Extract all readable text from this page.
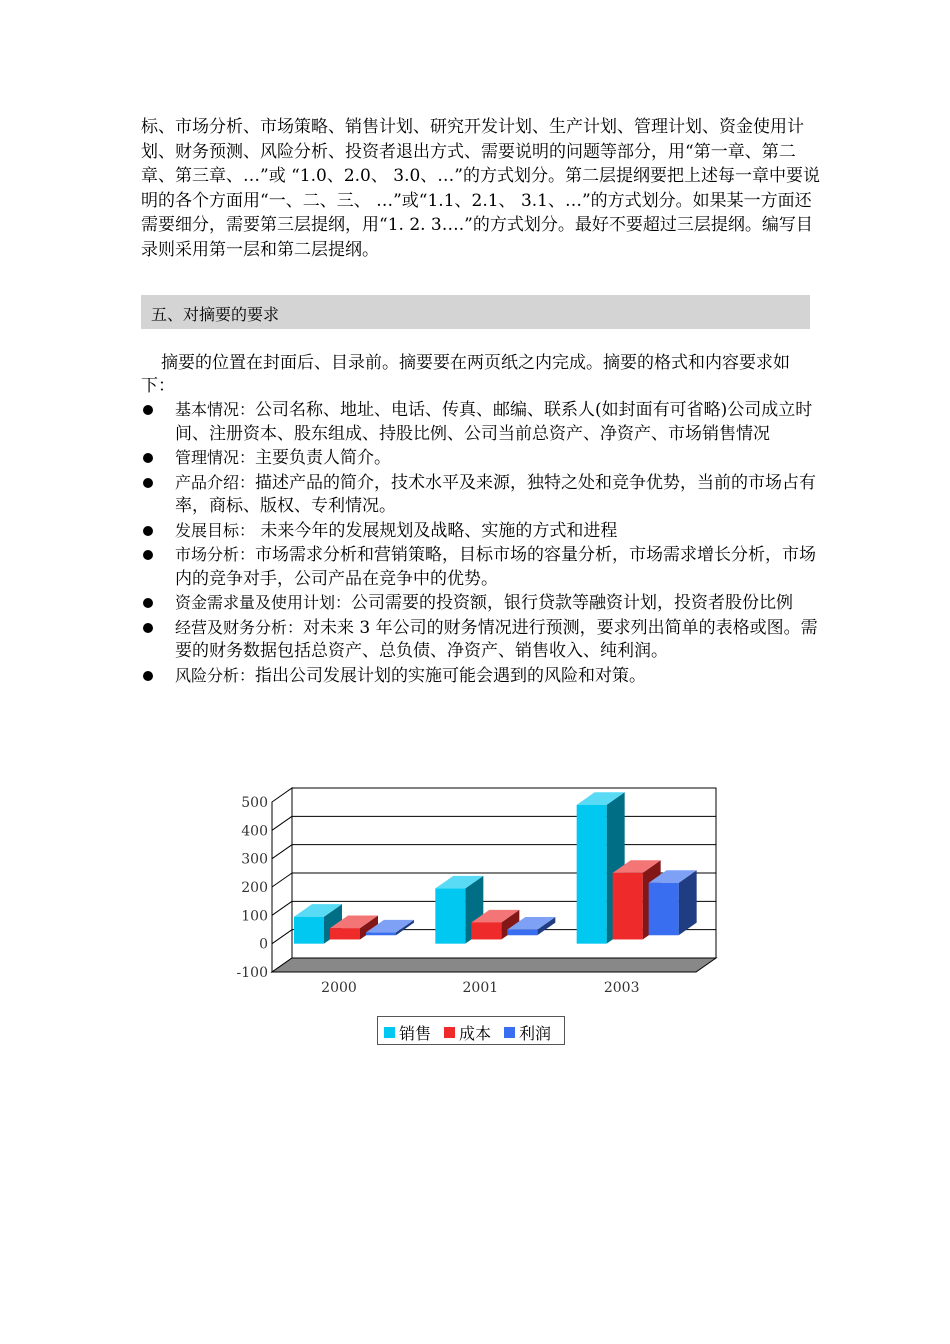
标、市场分析、市场策略、销售计划、研究开发计划、生产计划、管理计划、资金使用计划、财务预测、风险分析、投资者退出方式、需要说明的问题等部分，用“第一章、第二章、第三章、…”或 “1.0、2.0、 3.0、…”的方式划分。第二层提纲要把上述每一章中要说明的各个方面用“一、二、三、 …”或“1.1、2.1、 3.1、…”的方式划分。如果某一方面还需要细分，需要第三层提纲，用“1. 2. 3….”的方式划分。最好不要超过三层提纲。编写目录则采用第一层和第二层提纲。
五、对摘要的要求
摘要的位置在封面后、目录前。摘要要在两页纸之内完成。摘要的格式和内容要求如下：
基本情况：公司名称、地址、电话、传真、邮编、联系人(如封面有可省略)公司成立时间、注册资本、股东组成、持股比例、公司当前总资产、净资产、市场销售情况
管理情况：主要负责人简介。
产品介绍：描述产品的简介，技术水平及来源，独特之处和竞争优势，当前的市场占有率，商标、版权、专利情况。
发展目标： 未来今年的发展规划及战略、实施的方式和进程
市场分析：市场需求分析和营销策略，目标市场的容量分析，市场需求增长分析，市场内的竞争对手，公司产品在竞争中的优势。
资金需求量及使用计划：公司需要的投资额，银行贷款等融资计划，投资者股份比例
经营及财务分析：对未来 3 年公司的财务情况进行预测，要求列出简单的表格或图。需要的财务数据包括总资产、总负债、净资产、销售收入、纯利润。
风险分析：指出公司发展计划的实施可能会遇到的风险和对策。
500
400
300
200
100
0
-100
2000	2001	2003
销售 成本 利润
